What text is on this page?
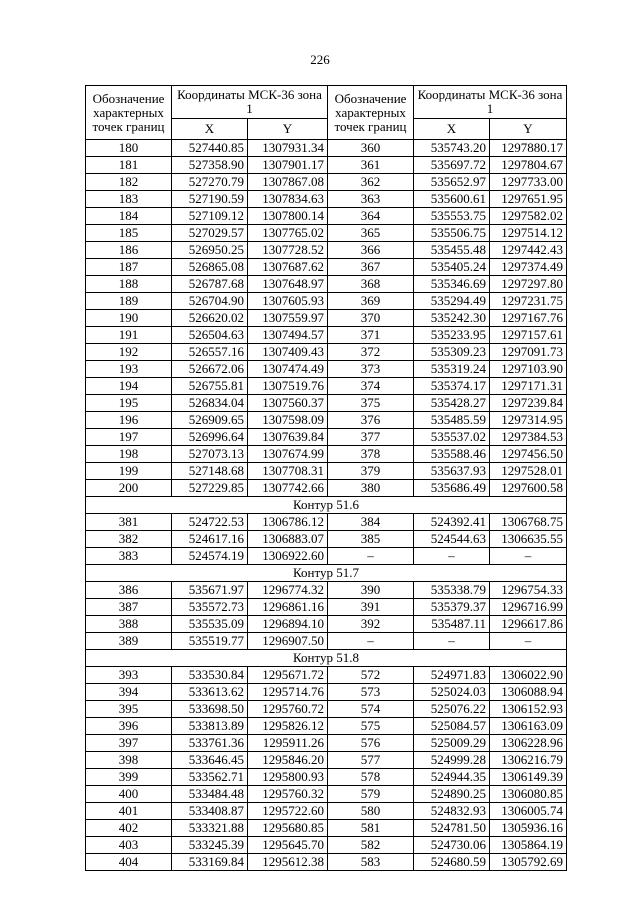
226
Обозначение характерных точек границ	Координаты МСК-36 зона 1		Обозначение характерных точек границ	Координаты МСК-36 зона 1	
	X	Y		X	Y
180	527440.85	1307931.34	360	535743.20	1297880.17
181	527358.90	1307901.17	361	535697.72	1297804.67
182	527270.79	1307867.08	362	535652.97	1297733.00
183	527190.59	1307834.63	363	535600.61	1297651.95
184	527109.12	1307800.14	364	535553.75	1297582.02
185	527029.57	1307765.02	365	535506.75	1297514.12
186	526950.25	1307728.52	366	535455.48	1297442.43
187	526865.08	1307687.62	367	535405.24	1297374.49
188	526787.68	1307648.97	368	535346.69	1297297.80
189	526704.90	1307605.93	369	535294.49	1297231.75
190	526620.02	1307559.97	370	535242.30	1297167.76
191	526504.63	1307494.57	371	535233.95	1297157.61
192	526557.16	1307409.43	372	535309.23	1297091.73
193	526672.06	1307474.49	373	535319.24	1297103.90
194	526755.81	1307519.76	374	535374.17	1297171.31
195	526834.04	1307560.37	375	535428.27	1297239.84
196	526909.65	1307598.09	376	535485.59	1297314.95
197	526996.64	1307639.84	377	535537.02	1297384.53
198	527073.13	1307674.99	378	535588.46	1297456.50
199	527148.68	1307708.31	379	535637.93	1297528.01
200	527229.85	1307742.66	380	535686.49	1297600.58
Контур 51.6					
381	524722.53	1306786.12	384	524392.41	1306768.75
382	524617.16	1306883.07	385	524544.63	1306635.55
383	524574.19	1306922.60	–	–	–
Контур 51.7					
386	535671.97	1296774.32	390	535338.79	1296754.33
387	535572.73	1296861.16	391	535379.37	1296716.99
388	535535.09	1296894.10	392	535487.11	1296617.86
389	535519.77	1296907.50	–	–	–
Контур 51.8					
393	533530.84	1295671.72	572	524971.83	1306022.90
394	533613.62	1295714.76	573	525024.03	1306088.94
395	533698.50	1295760.72	574	525076.22	1306152.93
396	533813.89	1295826.12	575	525084.57	1306163.09
397	533761.36	1295911.26	576	525009.29	1306228.96
398	533646.45	1295846.20	577	524999.28	1306216.79
399	533562.71	1295800.93	578	524944.35	1306149.39
400	533484.48	1295760.32	579	524890.25	1306080.85
401	533408.87	1295722.60	580	524832.93	1306005.74
402	533321.88	1295680.85	581	524781.50	1305936.16
403	533245.39	1295645.70	582	524730.06	1305864.19
404	533169.84	1295612.38	583	524680.59	1305792.69
